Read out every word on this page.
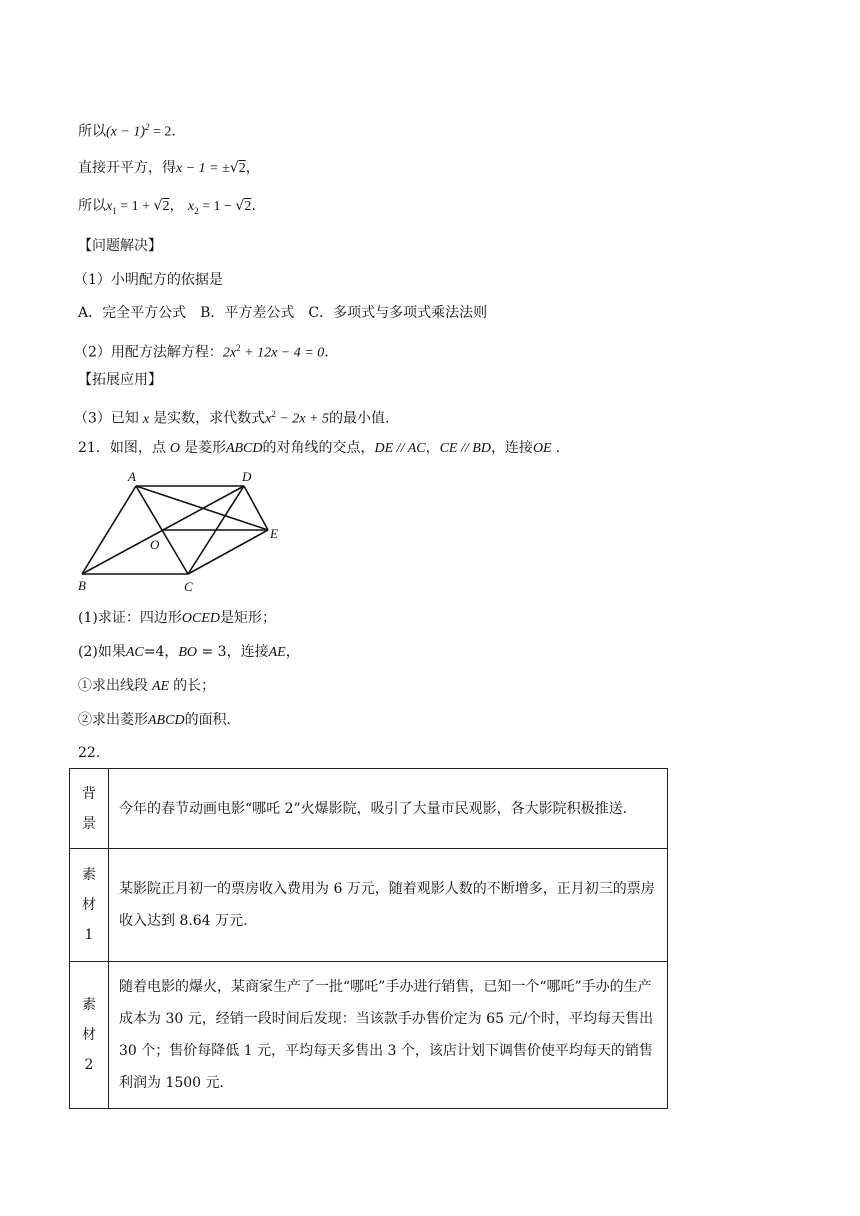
所以$(x - 1)^2 = 2$.
直接开平方，得x − 1 = ±√2，
所以$x_1 = 1 + √2$， $x_2 = 1 - √2$.
【问题解决】
（1）小明配方的依据是
A．完全平方公式　B．平方差公式　C．多项式与多项式乘法法则
（2）用配方法解方程：$2x^2 + 12x - 4 = 0$.
【拓展应用】
（3）已知 x 是实数，求代数式$x^2 - 2x + 5$的最小值.
21．如图，点 O 是菱形ABCD的对角线的交点，DE // AC，CE // BD，连接OE .
A	D
E
O
B	C
(1)求证：四边形OCED是矩形；
(2)如果AC=4，BO = 3，连接AE，
①求出线段 AE 的长；
②求出菱形ABCD的面积.
22.
背
景	今年的春节动画电影“哪吒 2”火爆影院，吸引了大量市民观影，各大影院积极推送.

素
材
1	某影院正月初一的票房收入费用为 6 万元，随着观影人数的不断增多，正月初三的票房收入达到 8.64 万元.

素
材
2	随着电影的爆火，某商家生产了一批“哪吒”手办进行销售，已知一个“哪吒”手办的生产成本为 30 元，经销一段时间后发现：当该款手办售价定为 65 元/个时，平均每天售出 30 个；售价每降低 1 元，平均每天多售出 3 个，该店计划下调售价使平均每天的销售利润为 1500 元.
